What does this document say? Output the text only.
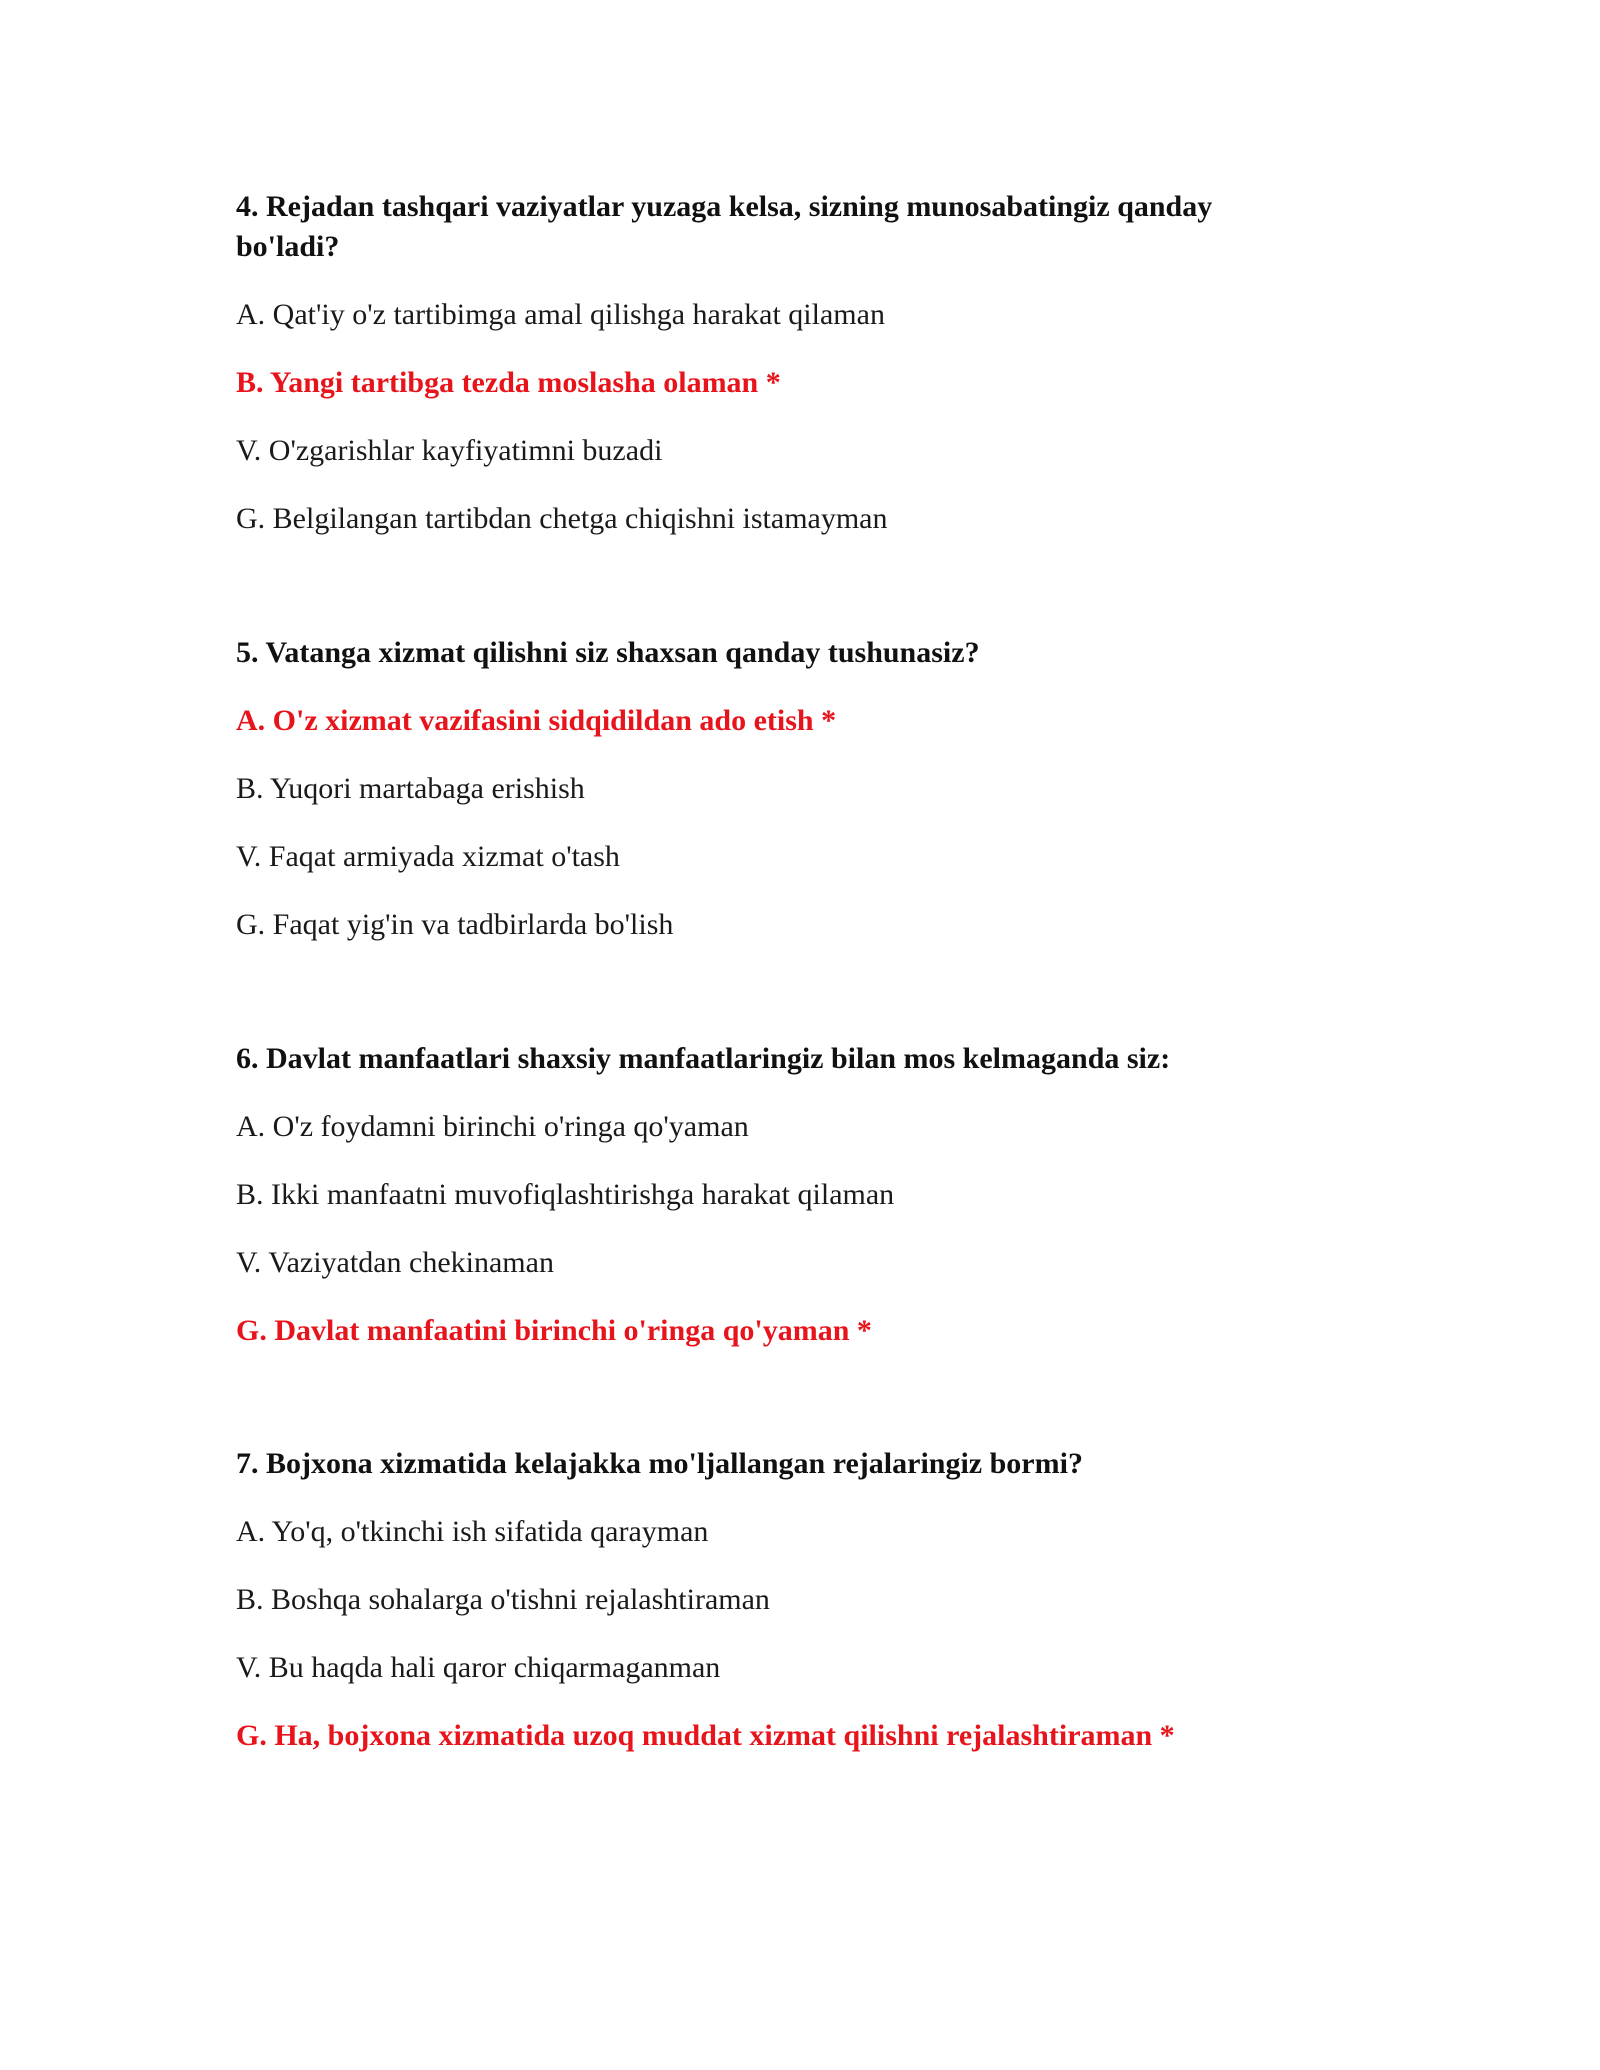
4. Rejadan tashqari vaziyatlar yuzaga kelsa, sizning munosabatingiz qanday bo'ladi?

A. Qat'iy o'z tartibimga amal qilishga harakat qilaman

B. Yangi tartibga tezda moslasha olaman *

V. O'zgarishlar kayfiyatimni buzadi

G. Belgilangan tartibdan chetga chiqishni istamayman

5. Vatanga xizmat qilishni siz shaxsan qanday tushunasiz?

A. O'z xizmat vazifasini sidqidildan ado etish *

B. Yuqori martabaga erishish

V. Faqat armiyada xizmat o'tash

G. Faqat yig'in va tadbirlarda bo'lish

6. Davlat manfaatlari shaxsiy manfaatlaringiz bilan mos kelmaganda siz:

A. O'z foydamni birinchi o'ringa qo'yaman

B. Ikki manfaatni muvofiqlashtirishga harakat qilaman

V. Vaziyatdan chekinaman

G. Davlat manfaatini birinchi o'ringa qo'yaman *

7. Bojxona xizmatida kelajakka mo'ljallangan rejalaringiz bormi?

A. Yo'q, o'tkinchi ish sifatida qarayman

B. Boshqa sohalarga o'tishni rejalashtiraman

V. Bu haqda hali qaror chiqarmaganman

G. Ha, bojxona xizmatida uzoq muddat xizmat qilishni rejalashtiraman *
